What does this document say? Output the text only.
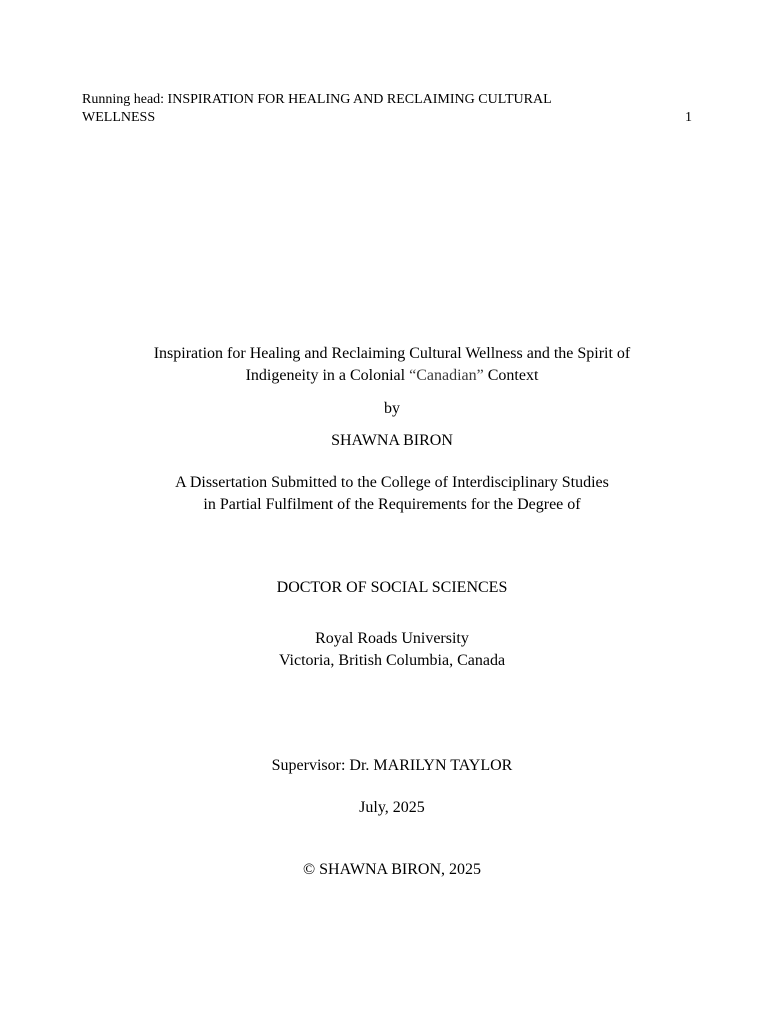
Running head: INSPIRATION FOR HEALING AND RECLAIMING CULTURAL
WELLNESS	1
Inspiration for Healing and Reclaiming Cultural Wellness and the Spirit of
Indigeneity in a Colonial “Canadian” Context
by
SHAWNA BIRON
A Dissertation Submitted to the College of Interdisciplinary Studies
in Partial Fulfilment of the Requirements for the Degree of
DOCTOR OF SOCIAL SCIENCES
Royal Roads University
Victoria, British Columbia, Canada
Supervisor: Dr. MARILYN TAYLOR
July, 2025
© SHAWNA BIRON, 2025
